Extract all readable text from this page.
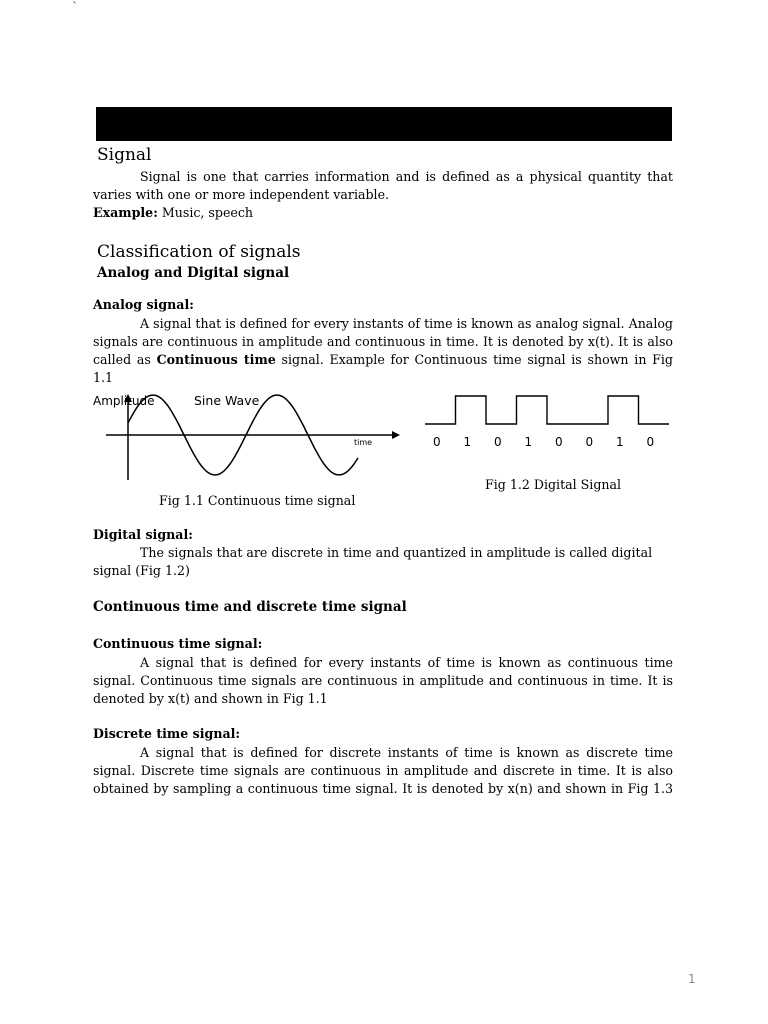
`
Signal

Signal is one that carries information and is defined as a physical quantity that varies with one or more independent variable.

Example: Music, speech

Classification of signals
Analog and Digital signal
Analog signal:

A signal that is defined for every instants of time is known as analog signal. Analog signals are continuous in amplitude and continuous in time. It is denoted by x(t). It is also called as Continuous time signal. Example for Continuous time signal is shown in Fig 1.1

Amplitude	Sine Wave
time
Fig 1.1 Continuous time signal
0 1 0 1 0 0 1 0
Fig 1.2 Digital Signal
Digital signal:

The signals that are discrete in time and quantized in amplitude is called digital signal (Fig 1.2)

Continuous time and discrete time signal
Continuous time signal:

A signal that is defined for every instants of time is known as continuous time signal. Continuous time signals are continuous in amplitude and continuous in time. It is denoted by x(t) and shown in Fig 1.1

Discrete time signal:

A signal that is defined for discrete instants of time is known as discrete time signal. Discrete time signals are continuous in amplitude and discrete in time. It is also obtained by sampling a continuous time signal. It is denoted by x(n) and shown in Fig 1.3

1
